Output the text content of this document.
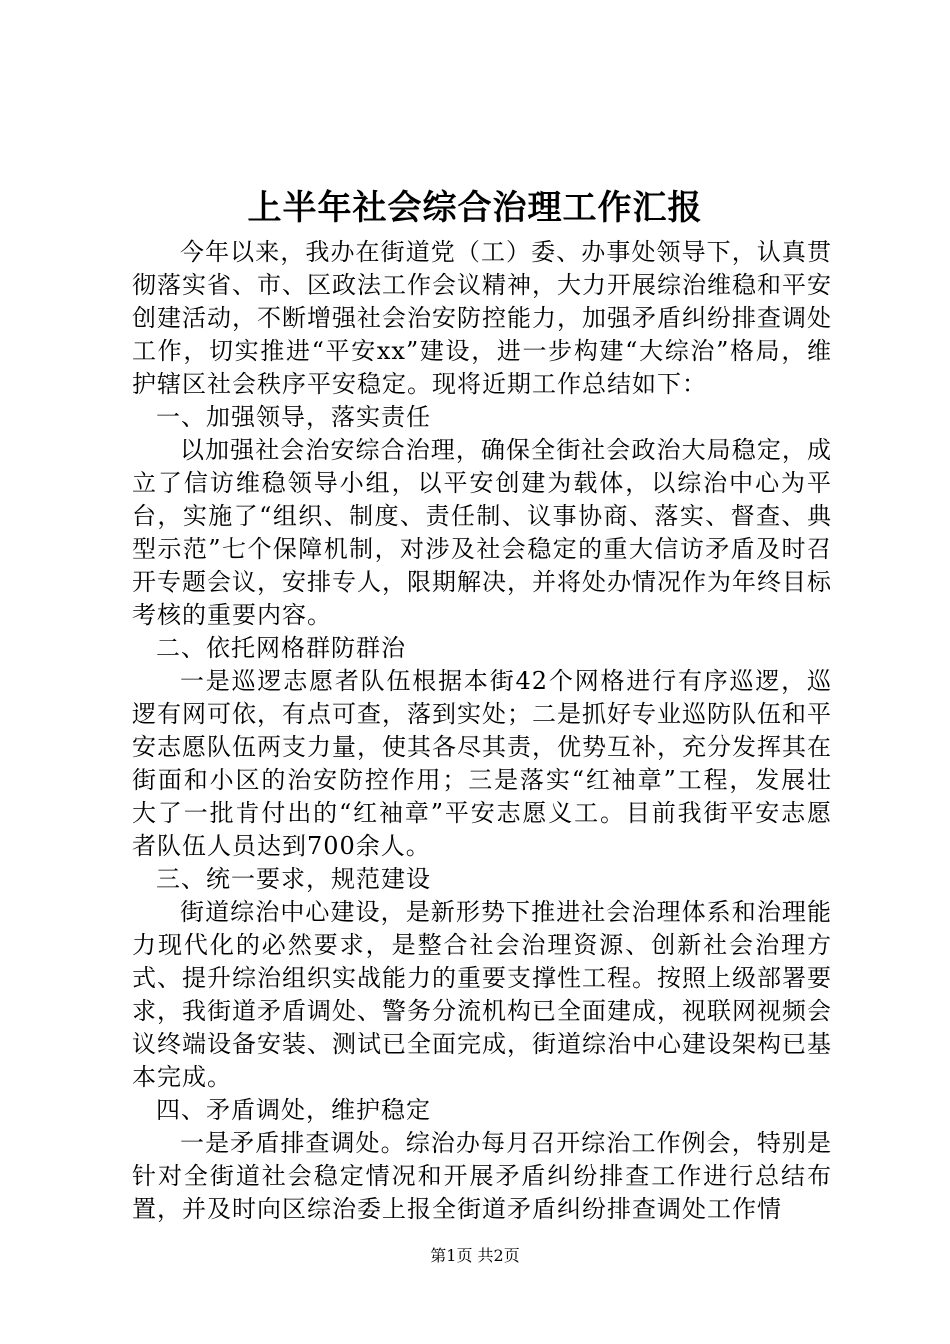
上半年社会综合治理工作汇报

今年以来，我办在街道党（工）委、办事处领导下，认真贯彻落实省、市、区政法工作会议精神，大力开展综治维稳和平安创建活动，不断增强社会治安防控能力，加强矛盾纠纷排查调处工作，切实推进“平安xx”建设，进一步构建“大综治”格局，维护辖区社会秩序平安稳定。现将近期工作总结如下：

一、加强领导，落实责任

以加强社会治安综合治理，确保全街社会政治大局稳定，成立了信访维稳领导小组，以平安创建为载体，以综治中心为平台，实施了“组织、制度、责任制、议事协商、落实、督查、典型示范”七个保障机制，对涉及社会稳定的重大信访矛盾及时召开专题会议，安排专人，限期解决，并将处办情况作为年终目标考核的重要内容。

二、依托网格群防群治

一是巡逻志愿者队伍根据本街42个网格进行有序巡逻，巡逻有网可依，有点可查，落到实处；二是抓好专业巡防队伍和平安志愿队伍两支力量，使其各尽其责，优势互补，充分发挥其在街面和小区的治安防控作用；三是落实“红袖章”工程，发展壮大了一批肯付出的“红袖章”平安志愿义工。目前我街平安志愿者队伍人员达到700余人。

三、统一要求，规范建设

街道综治中心建设，是新形势下推进社会治理体系和治理能力现代化的必然要求，是整合社会治理资源、创新社会治理方式、提升综治组织实战能力的重要支撑性工程。按照上级部署要求，我街道矛盾调处、警务分流机构已全面建成，视联网视频会议终端设备安装、测试已全面完成，街道综治中心建设架构已基本完成。

四、矛盾调处，维护稳定

一是矛盾排查调处。综治办每月召开综治工作例会，特别是针对全街道社会稳定情况和开展矛盾纠纷排查工作进行总结布置，并及时向区综治委上报全街道矛盾纠纷排查调处工作情

第1页 共2页
